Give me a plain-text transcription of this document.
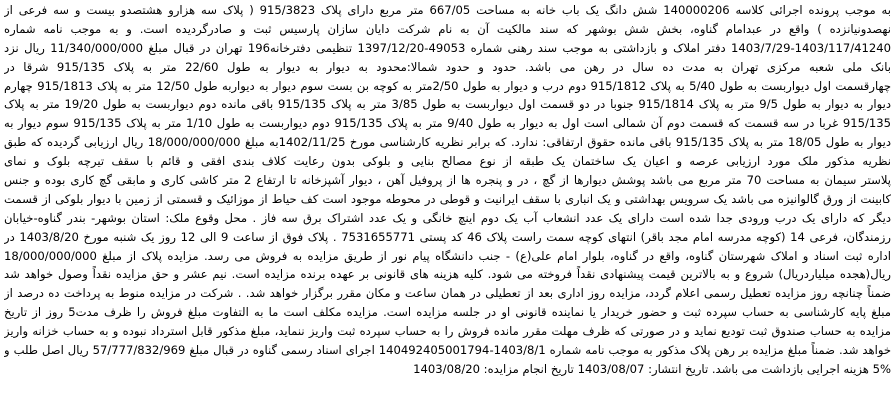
به موجب پرونده اجرائی کلاسه 140000206 شش دانگ یک باب خانه به مساحت 667/05 متر مربع دارای پلاک 915/3823 ( پلاک سه هزارو هشتصدو بیست و سه فرعی از
نهصدونیانزده ) واقع در عبدامام گناوه، بخش شش بوشهر که سند مالکیت آن به نام شرکت دایان سازان پارسیس ثبت و صادرگردیده است. و به موجب نامه شماره
1403/7/29-1403/117/41240 دفتر املاک و بازداشتی به موجب سند رهنی شماره 49053-1397/12/20 تنظیمی دفترخانه196 تهران در قبال مبلغ 11/340/000/000 ریال نزد
بانک ملی شعبه مرکزی تهران به مدت ده سال در رهن می باشد. حدود و حدود شمالا:محدود به دیوار به دیوار به طول 22/60 متر به پلاک 915/135 شرقا در
چهارقسمت اول دیواربست به طول 5/40 به پلاک 915/1812 دوم درب و دیوار به طول 2/50متر به کوچه بن بست سوم دیوار به دیواربه طول 12/50 متر به پلاک 915/1813 چهارم
دیوار به دیوار به طول 9/5 متر به پلاک 915/1814 جنوبا در دو قسمت اول دیواربست به طول 3/85 متر به پلاک 915/135 باقی مانده دوم دیواربست به طول 19/20 متر به پلاک
915/135 غربا در سه قسمت که قسمت دوم آن شمالی است اول به دیوار به طول 9/40 متر به پلاک 915/135 دوم دیواربست به طول 1/10 متر به پلاک 915/135 سوم دیوار به
دیوار به طول 18/05 متر به پلاک 915/135 باقی مانده حقوق ارتفاقی: ندارد. که برابر نظریه کارشناسی مورخ 1402/11/25به مبلغ 18/000/000/000 ریال ارزیابی گردیده که طبق
نظریه مذکور ملک مورد ارزیابی عرصه و اعیان یک ساختمان یک طبقه از نوع مصالح بنایی و بلوکی بدون رعایت کلاف بندی افقی و قائم با سقف تیرچه بلوک و نمای
پلاستر سیمان به مساحت 70 متر مربع می باشد پوشش دیوارها از گچ ، در و پنجره ها از پروفیل آهن ، دیوار آشپزخانه تا ارتفاع 2 متر کاشی کاری و مابقی گچ کاری بوده و جنس
کابینت از ورق گالوانیزه می باشد یک سرویس بهداشتی و یک انباری با سقف ایرانیت و قوطی در محوطه موجود است کف حیاط از موزائیک و قسمتی از زمین با دیوار بلوکی از قسمت
دیگر که دارای یک درب ورودی جدا شده است دارای یک عدد انشعاب آب یک دوم اینچ خانگی و یک عدد اشتراک برق سه فاز . محل وقوع ملک: استان بوشهر- بندر گناوه-خیابان
رزمندگان، فرعی 14 (کوچه مدرسه امام مجد باقر) انتهای کوچه سمت راست پلاک 46 کد پستی 7531655771 . پلاک فوق از ساعت 9 الی 12 روز یک شنبه مورخ 1403/8/20 در
اداره ثبت اسناد و املاک شهرستان گناوه، واقع در گناوه، بلوار امام علی(ع) - جنب دانشگاه پیام نور از طریق مزایده به فروش می رسد. مزایده پلاک از مبلغ 18/000/000/000
ریال(هجده میلیاردریال) شروع و به بالاترین قیمت پیشنهادی نقداً فروخته می شود. کلیه هزینه های قانونی بر عهده برنده مزایده است. نیم عشر و حق مزایده نقداً وصول خواهد شد
ضمناً چنانچه روز مزایده تعطیل رسمی اعلام گردد، مزایده روز اداری بعد از تعطیلی در همان ساعت و مکان مقرر برگزار خواهد شد. . شرکت در مزایده منوط به پرداخت ده درصد از
مبلغ پایه کارشناسی به حساب سپرده ثبت و حضور خریدار یا نماینده قانونی او در جلسه مزایده است. مزایده مکلف است ما به التفاوت مبلغ فروش را ظرف مدت5 روز از تاریخ
مزایده به حساب صندوق ثبت تودیع نماید و در صورتی که ظرف مهلت مقرر مانده فروش را به حساب سپرده ثبت واریز ننماید، مبلغ مذکور قابل استرداد نبوده و به حساب خزانه واریز
خواهد شد. ضمناً مبلغ مزایده بر رهن پلاک مذکور به موجب نامه شماره 1403/8/1-140492405001794 اجرای اسناد رسمی گناوه در قبال مبلغ 57/777/832/969 ریال اصل طلب و
5% هزینه اجرایی بازداشت می باشد. تاریخ انتشار: 1403/08/07 تاریخ انجام مزایده: 1403/08/20
